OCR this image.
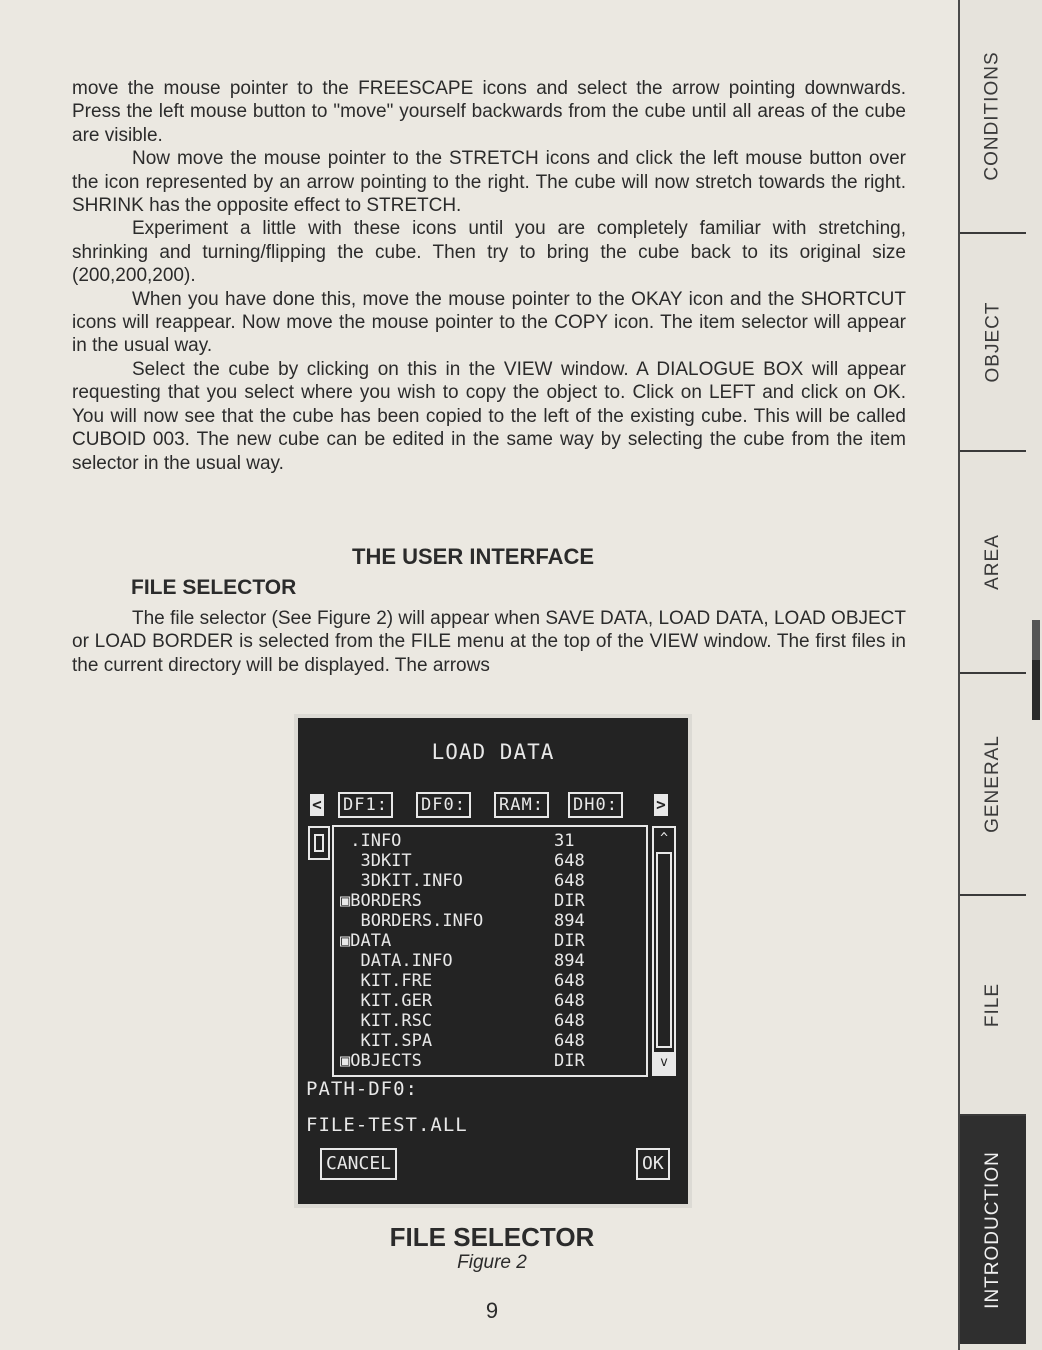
CONDITIONS
OBJECT
AREA
GENERAL
FILE
INTRODUCTION

move the mouse pointer to the FREESCAPE icons and select the arrow pointing downwards. Press the left mouse button to "move" yourself backwards from the cube until all areas of the cube are visible.

Now move the mouse pointer to the STRETCH icons and click the left mouse button over the icon represented by an arrow pointing to the right. The cube will now stretch towards the right. SHRINK has the opposite effect to STRETCH.

Experiment a little with these icons until you are completely familiar with stretching, shrinking and turning/flipping the cube. Then try to bring the cube back to its original size (200,200,200).

When you have done this, move the mouse pointer to the OKAY icon and the SHORTCUT icons will reappear. Now move the mouse pointer to the COPY icon. The item selector will appear in the usual way.

Select the cube by clicking on this in the VIEW window. A DIALOGUE BOX will appear requesting that you select where you wish to copy the object to. Click on LEFT and click on OK. You will now see that the cube has been copied to the left of the existing cube. This will be called CUBOID 003. The new cube can be edited in the same way by selecting the cube from the item selector in the usual way.

THE USER INTERFACE
FILE SELECTOR

The file selector (See Figure 2) will appear when SAVE DATA, LOAD DATA, LOAD OBJECT or LOAD BORDER is selected from the FILE menu at the top of the VIEW window. The first files in the current directory will be displayed. The arrows

LOAD DATA
< DF1: DF0: RAM: DH0:	>
.INFO	31
3DKIT	648
3DKIT.INFO	648
▣BORDERS	DIR
BORDERS.INFO	894
▣DATA	DIR
DATA.INFO	894
KIT.FRE	648
KIT.GER	648
KIT.RSC	648
KIT.SPA	648
▣OBJECTS	DIR
^
v
PATH-DF0:
FILE-TEST.ALL
CANCEL	OK
FILE SELECTOR
Figure 2
9
